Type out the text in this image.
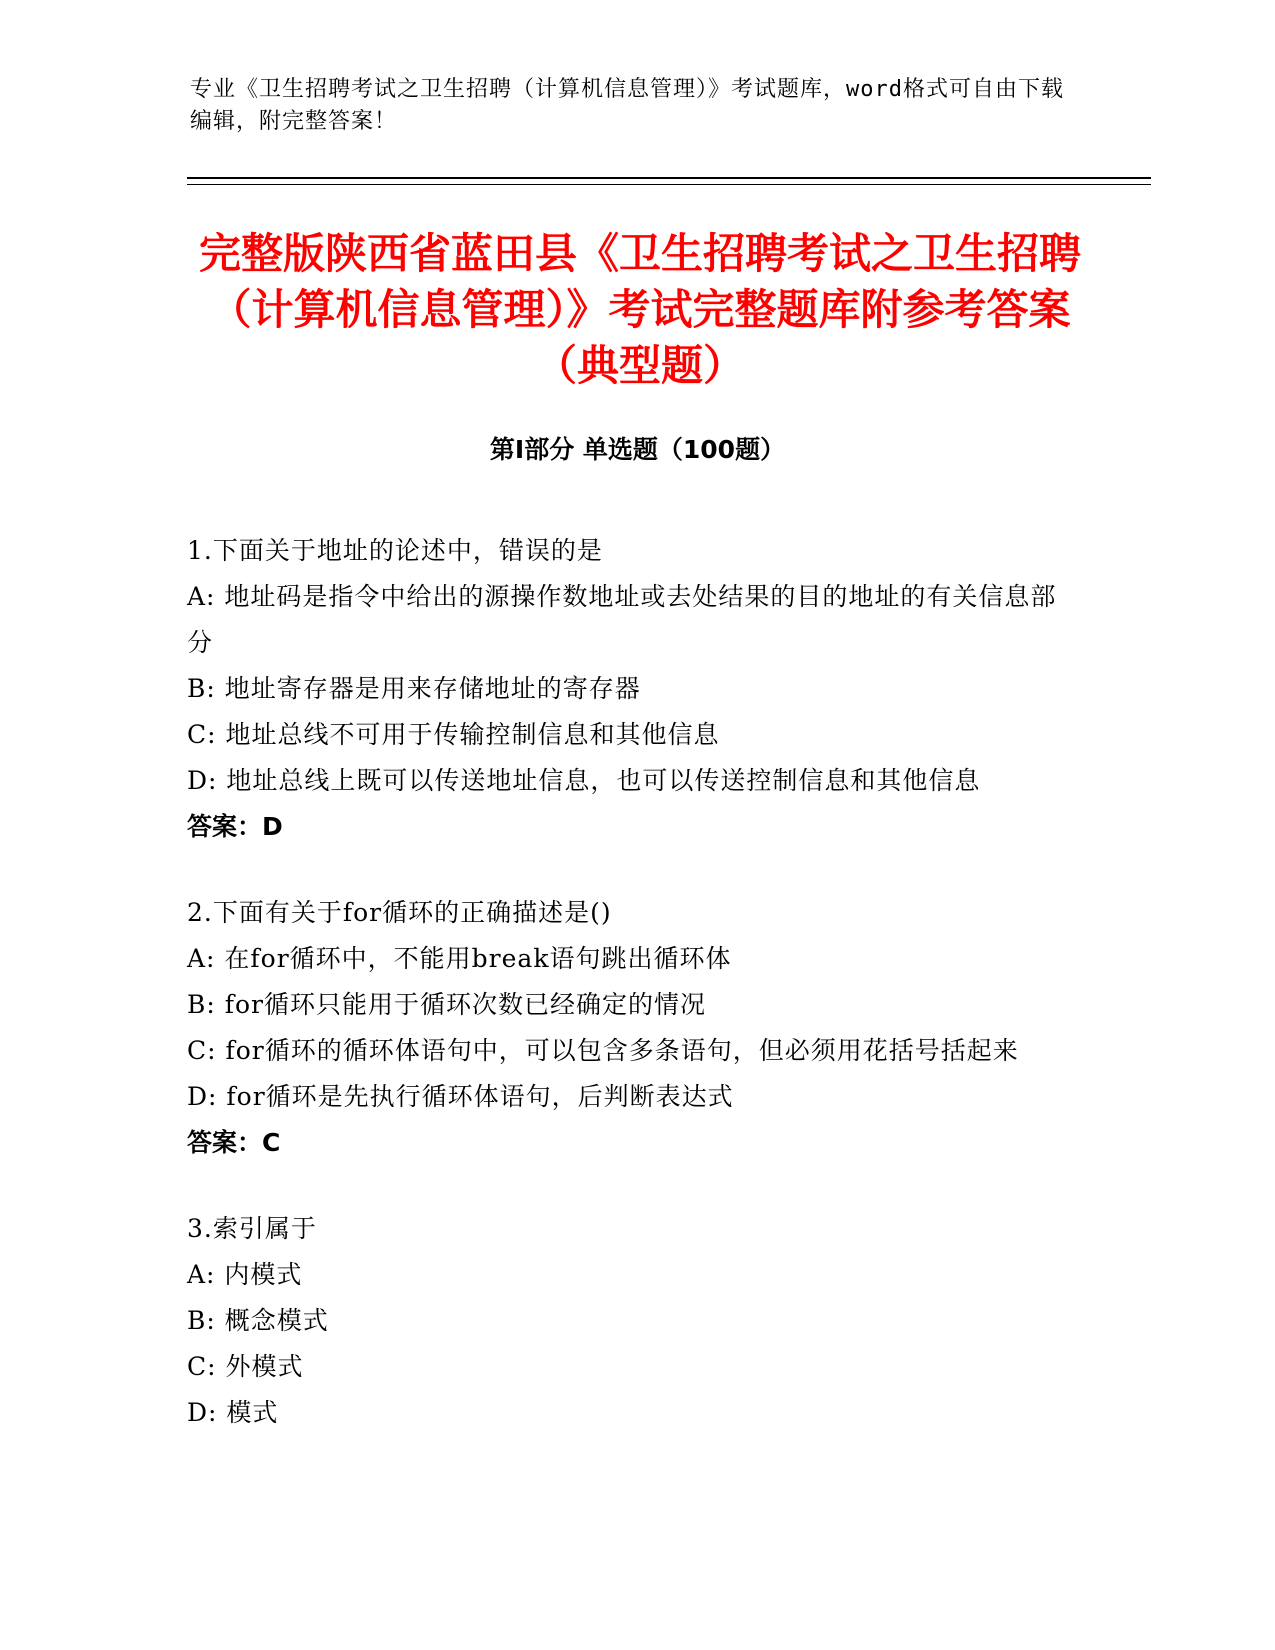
专业《卫生招聘考试之卫生招聘（计算机信息管理）》考试题库，word格式可自由下载编辑，附完整答案！

完整版陕西省蓝田县《卫生招聘考试之卫生招聘（计算机信息管理）》考试完整题库附参考答案（典型题）
第I部分 单选题（100题）

1.下面关于地址的论述中，错误的是

A: 地址码是指令中给出的源操作数地址或去处结果的目的地址的有关信息部分

B: 地址寄存器是用来存储地址的寄存器

C: 地址总线不可用于传输控制信息和其他信息

D: 地址总线上既可以传送地址信息，也可以传送控制信息和其他信息

答案：D

2.下面有关于for循环的正确描述是()

A: 在for循环中，不能用break语句跳出循环体

B: for循环只能用于循环次数已经确定的情况

C: for循环的循环体语句中，可以包含多条语句，但必须用花括号括起来

D: for循环是先执行循环体语句，后判断表达式

答案：C

3.索引属于

A: 内模式

B: 概念模式

C: 外模式

D: 模式
